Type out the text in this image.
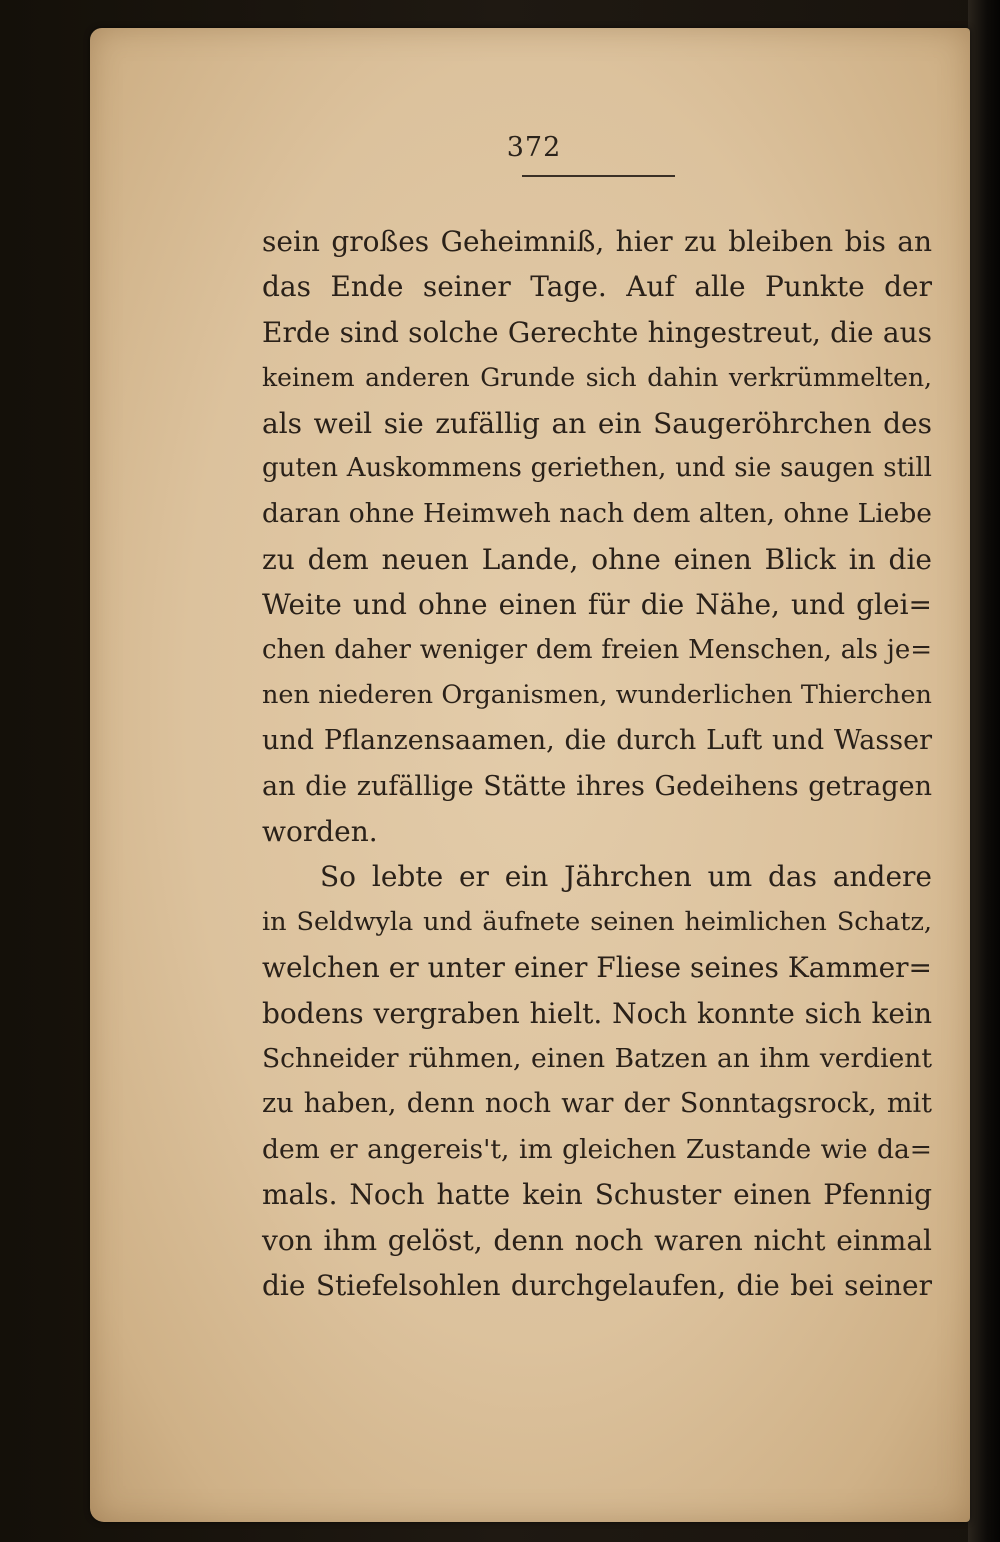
372
sein großes Geheimniß, hier zu bleiben bis an
das Ende seiner Tage. Auf alle Punkte der
Erde sind solche Gerechte hingestreut, die aus
keinem anderen Grunde sich dahin verkrümmelten,
als weil sie zufällig an ein Saugeröhrchen des
guten Auskommens geriethen, und sie saugen still
daran ohne Heimweh nach dem alten, ohne Liebe
zu dem neuen Lande, ohne einen Blick in die
Weite und ohne einen für die Nähe, und glei=
chen daher weniger dem freien Menschen, als je=
nen niederen Organismen, wunderlichen Thierchen
und Pflanzensaamen, die durch Luft und Wasser
an die zufällige Stätte ihres Gedeihens getragen
worden.
So lebte er ein Jährchen um das andere
in Seldwyla und äufnete seinen heimlichen Schatz,
welchen er unter einer Fliese seines Kammer=
bodens vergraben hielt. Noch konnte sich kein
Schneider rühmen, einen Batzen an ihm verdient
zu haben, denn noch war der Sonntagsrock, mit
dem er angereis't, im gleichen Zustande wie da=
mals. Noch hatte kein Schuster einen Pfennig
von ihm gelöst, denn noch waren nicht einmal
die Stiefelsohlen durchgelaufen, die bei seiner
